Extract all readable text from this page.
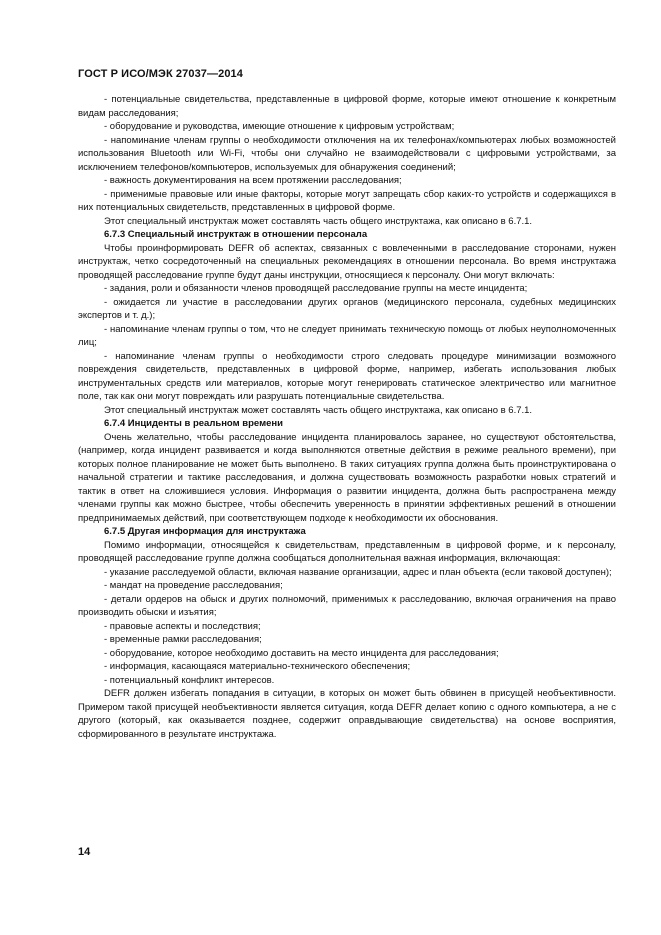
ГОСТ Р ИСО/МЭК 27037—2014

- потенциальные свидетельства, представленные в цифровой форме, которые имеют отношение к конкретным видам расследования;

- оборудование и руководства, имеющие отношение к цифровым устройствам;

- напоминание членам группы о необходимости отключения на их телефонах/компьютерах любых возможностей использования Bluetooth или Wi-Fi, чтобы они случайно не взаимодействовали с цифровыми устройствами, за исключением телефонов/компьютеров, используемых для обнаружения соединений;

- важность документирования на всем протяжении расследования;

- применимые правовые или иные факторы, которые могут запрещать сбор каких-то устройств и содержащихся в них потенциальных свидетельств, представленных в цифровой форме.

Этот специальный инструктаж может составлять часть общего инструктажа, как описано в 6.7.1.

6.7.3 Специальный инструктаж в отношении персонала

Чтобы проинформировать DEFR об аспектах, связанных с вовлеченными в расследование сторонами, нужен инструктаж, четко сосредоточенный на специальных рекомендациях в отношении персонала. Во время инструктажа проводящей расследование группе будут даны инструкции, относящиеся к персоналу. Они могут включать:

- задания, роли и обязанности членов проводящей расследование группы на месте инцидента;

- ожидается ли участие в расследовании других органов (медицинского персонала, судебных медицинских экспертов и т. д.);

- напоминание членам группы о том, что не следует принимать техническую помощь от любых неуполномоченных лиц;

- напоминание членам группы о необходимости строго следовать процедуре минимизации возможного повреждения свидетельств, представленных в цифровой форме, например, избегать использования любых инструментальных средств или материалов, которые могут генерировать статическое электричество или магнитное поле, так как они могут повреждать или разрушать потенциальные свидетельства.

Этот специальный инструктаж может составлять часть общего инструктажа, как описано в 6.7.1.

6.7.4 Инциденты в реальном времени

Очень желательно, чтобы расследование инцидента планировалось заранее, но существуют обстоятельства, (например, когда инцидент развивается и когда выполняются ответные действия в режиме реального времени), при которых полное планирование не может быть выполнено. В таких ситуациях группа должна быть проинструктирована о начальной стратегии и тактике расследования, и должна существовать возможность разработки новых стратегий и тактик в ответ на сложившиеся условия. Информация о развитии инцидента, должна быть распространена между членами группы как можно быстрее, чтобы обеспечить уверенность в принятии эффективных решений в отношении предпринимаемых действий, при соответствующем подходе к необходимости их обоснования.

6.7.5 Другая информация для инструктажа

Помимо информации, относящейся к свидетельствам, представленным в цифровой форме, и к персоналу, проводящей расследование группе должна сообщаться дополнительная важная информация, включающая:

- указание расследуемой области, включая название организации, адрес и план объекта (если таковой доступен);

- мандат на проведение расследования;

- детали ордеров на обыск и других полномочий, применимых к расследованию, включая ограничения на право производить обыски и изъятия;

- правовые аспекты и последствия;

- временные рамки расследования;

- оборудование, которое необходимо доставить на место инцидента для расследования;

- информация, касающаяся материально-технического обеспечения;

- потенциальный конфликт интересов.

DEFR должен избегать попадания в ситуации, в которых он может быть обвинен в присущей необъективности. Примером такой присущей необъективности является ситуация, когда DEFR делает копию с одного компьютера, а не с другого (который, как оказывается позднее, содержит оправдывающие свидетельства) на основе восприятия, сформированного в результате инструктажа.

14
